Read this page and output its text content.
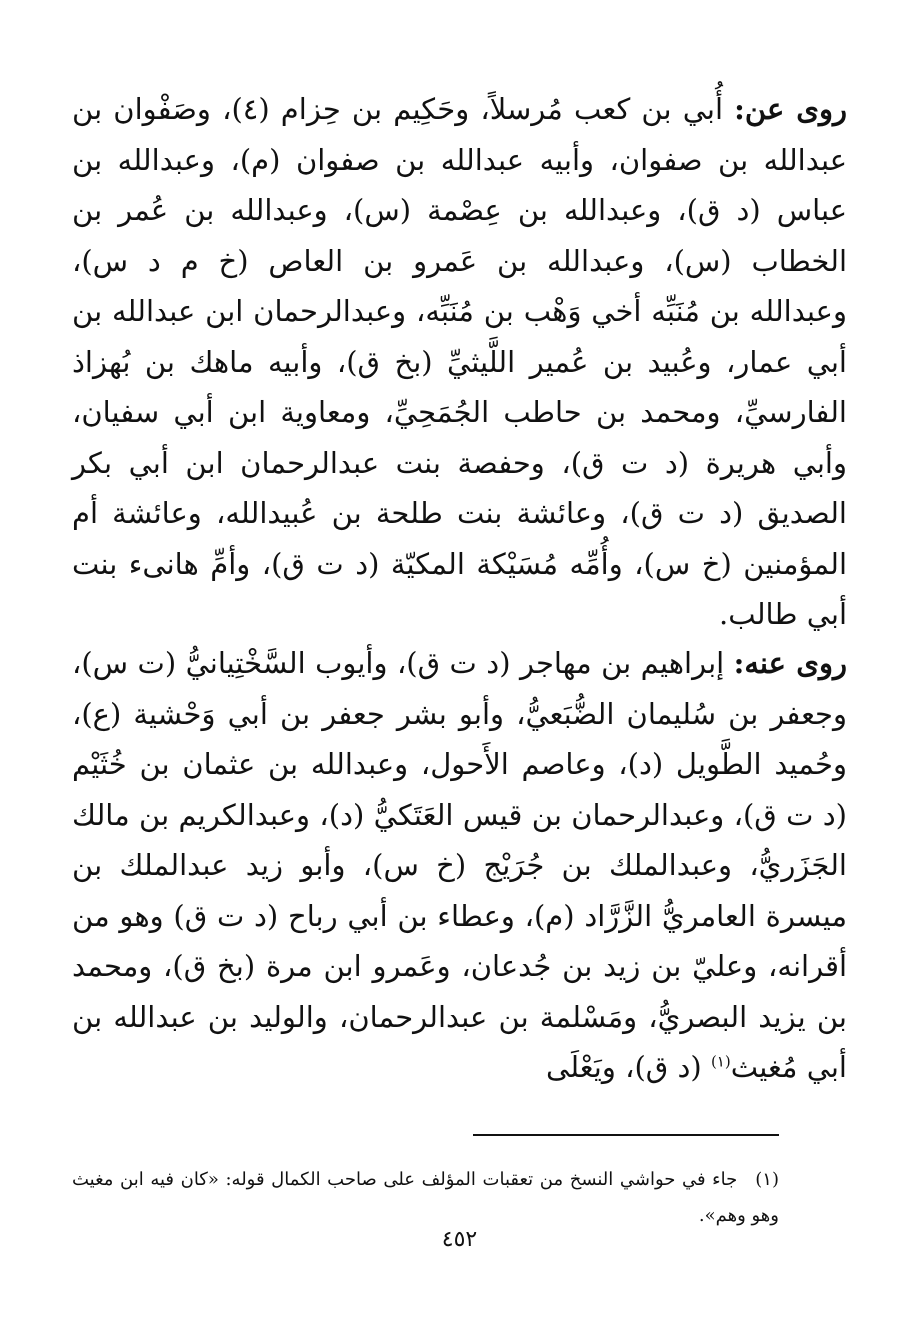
روى عن: أُبي بن كعب مُرسلاً، وحَكِيم بن حِزام (٤)، وصَفْوان بن عبدالله بن صفوان، وأبيه عبدالله بن صفوان (م)، وعبدالله بن عباس (د ق)، وعبدالله بن عِصْمة (س)، وعبدالله بن عُمر بن الخطاب (س)، وعبدالله بن عَمرو بن العاص (خ م د س)، وعبدالله بن مُنَبِّه أخي وَهْب بن مُنَبِّه، وعبدالرحمان ابن عبدالله بن أبي عمار، وعُبيد بن عُمير اللَّيثيِّ (بخ ق)، وأبيه ماهك بن بُهزاذ الفارسيِّ، ومحمد بن حاطب الجُمَحِيِّ، ومعاوية ابن أبي سفيان، وأبي هريرة (د ت ق)، وحفصة بنت عبدالرحمان ابن أبي بكر الصديق (د ت ق)، وعائشة بنت طلحة بن عُبيدالله، وعائشة أم المؤمنين (خ س)، وأُمِّه مُسَيْكة المكيّة (د ت ق)، وأمِّ هانىء بنت أبي طالب.

روى عنه: إبراهيم بن مهاجر (د ت ق)، وأيوب السَّخْتِيانيُّ (ت س)، وجعفر بن سُليمان الضُّبَعيُّ، وأبو بشر جعفر بن أبي وَحْشية (ع)، وحُميد الطَّويل (د)، وعاصم الأَحول، وعبدالله بن عثمان بن خُثَيْم (د ت ق)، وعبدالرحمان بن قيس العَتَكيُّ (د)، وعبدالكريم بن مالك الجَزَريُّ، وعبدالملك بن جُرَيْج (خ س)، وأبو زيد عبدالملك بن ميسرة العامريُّ الزَّرَّاد (م)، وعطاء بن أبي رباح (د ت ق) وهو من أقرانه، وعليّ بن زيد بن جُدعان، وعَمرو ابن مرة (بخ ق)، ومحمد بن يزيد البصريُّ، ومَسْلمة بن عبدالرحمان، والوليد بن عبدالله بن أبي مُغيث$^{(١)}$ (د ق)، ويَعْلَى

(١)جاء في حواشي النسخ من تعقبات المؤلف على صاحب الكمال قوله: «كان فيه ابن مغيث وهو وهم».

٤٥٢
